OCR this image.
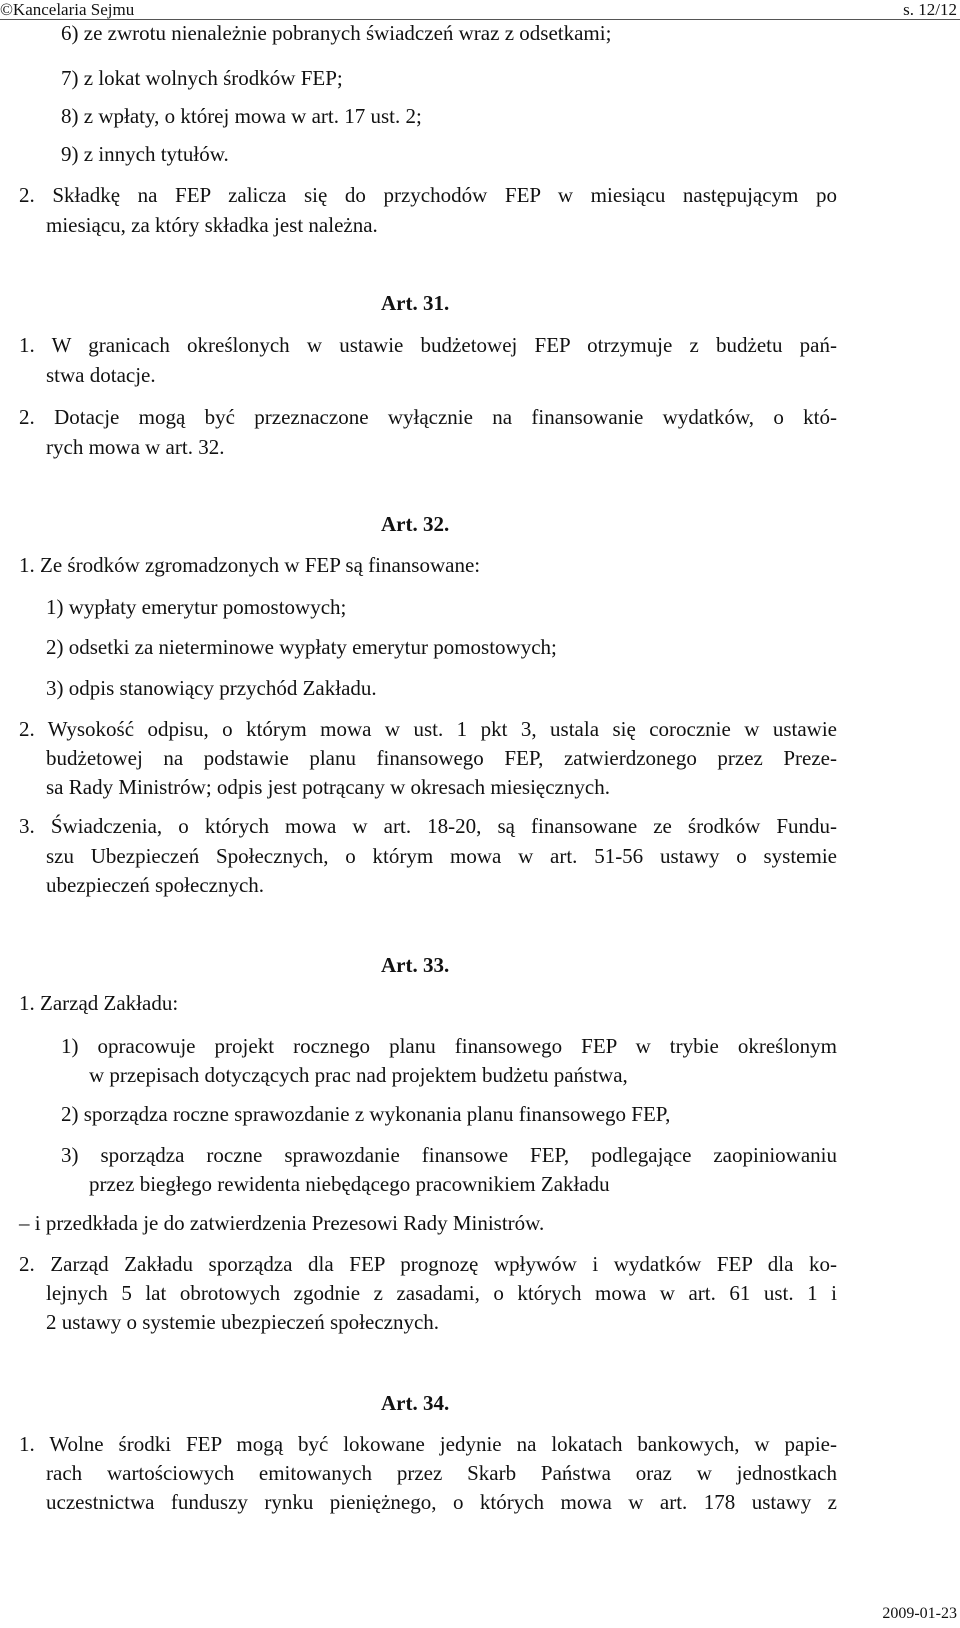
©Kancelaria Sejmu	s. 12/12
6) ze zwrotu nienależnie pobranych świadczeń wraz z odsetkami;
7) z lokat wolnych środków FEP;
8) z wpłaty, o której mowa w art. 17 ust. 2;
9) z innych tytułów.
2. Składkę na FEP zalicza się do przychodów FEP w miesiącu następującym po
miesiącu, za który składka jest należna.
Art. 31.
1. W granicach określonych w ustawie budżetowej FEP otrzymuje z budżetu pań-
stwa dotacje.
2. Dotacje mogą być przeznaczone wyłącznie na finansowanie wydatków, o któ-
rych mowa w art. 32.
Art. 32.
1. Ze środków zgromadzonych w FEP są finansowane:
1) wypłaty emerytur pomostowych;
2) odsetki za nieterminowe wypłaty emerytur pomostowych;
3) odpis stanowiący przychód Zakładu.
2. Wysokość odpisu, o którym mowa w ust. 1 pkt 3, ustala się corocznie w ustawie
budżetowej na podstawie planu finansowego FEP, zatwierdzonego przez Preze-
sa Rady Ministrów; odpis jest potrącany w okresach miesięcznych.
3. Świadczenia, o których mowa w art. 18-20, są finansowane ze środków Fundu-
szu Ubezpieczeń Społecznych, o którym mowa w art. 51-56 ustawy o systemie
ubezpieczeń społecznych.
Art. 33.
1. Zarząd Zakładu:
1) opracowuje projekt rocznego planu finansowego FEP w trybie określonym
w przepisach dotyczących prac nad projektem budżetu państwa,
2) sporządza roczne sprawozdanie z wykonania planu finansowego FEP,
3) sporządza roczne sprawozdanie finansowe FEP, podlegające zaopiniowaniu
przez biegłego rewidenta niebędącego pracownikiem Zakładu
– i przedkłada je do zatwierdzenia Prezesowi Rady Ministrów.
2. Zarząd Zakładu sporządza dla FEP prognozę wpływów i wydatków FEP dla ko-
lejnych 5 lat obrotowych zgodnie z zasadami, o których mowa w art. 61 ust. 1 i
2 ustawy o systemie ubezpieczeń społecznych.
Art. 34.
1. Wolne środki FEP mogą być lokowane jedynie na lokatach bankowych, w papie-
rach wartościowych emitowanych przez Skarb Państwa oraz w jednostkach
uczestnictwa funduszy rynku pieniężnego, o których mowa w art. 178 ustawy z
2009-01-23
